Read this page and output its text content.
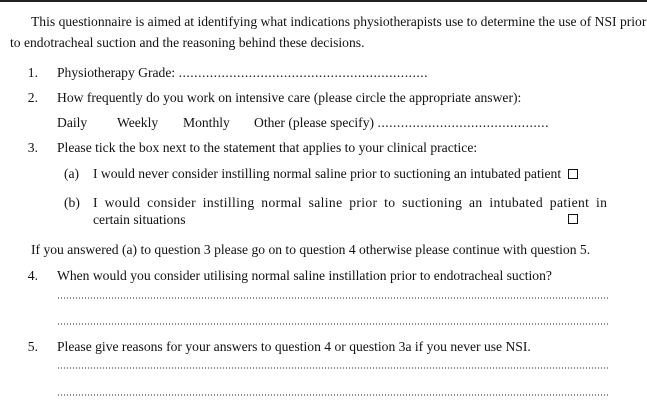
This questionnaire is aimed at identifying what indications physiotherapists use to determine the use of NSI prior
to endotracheal suction and the reasoning behind these decisions.
1. Physiotherapy Grade: ................................................................
2. How frequently do you work on intensive care (please circle the appropriate answer):
Daily Weekly Monthly Other (please specify) ............................................
3. Please tick the box next to the statement that applies to your clinical practice:
(a) I would never consider instilling normal saline prior to suctioning an intubated patient
(b) I would consider instilling normal saline prior to suctioning an intubated patient in
certain situations
If you answered (a) to question 3 please go on to question 4 otherwise please continue with question 5.
4. When would you consider utilising normal saline instillation prior to endotracheal suction?
5. Please give reasons for your answers to question 4 or question 3a if you never use NSI.
